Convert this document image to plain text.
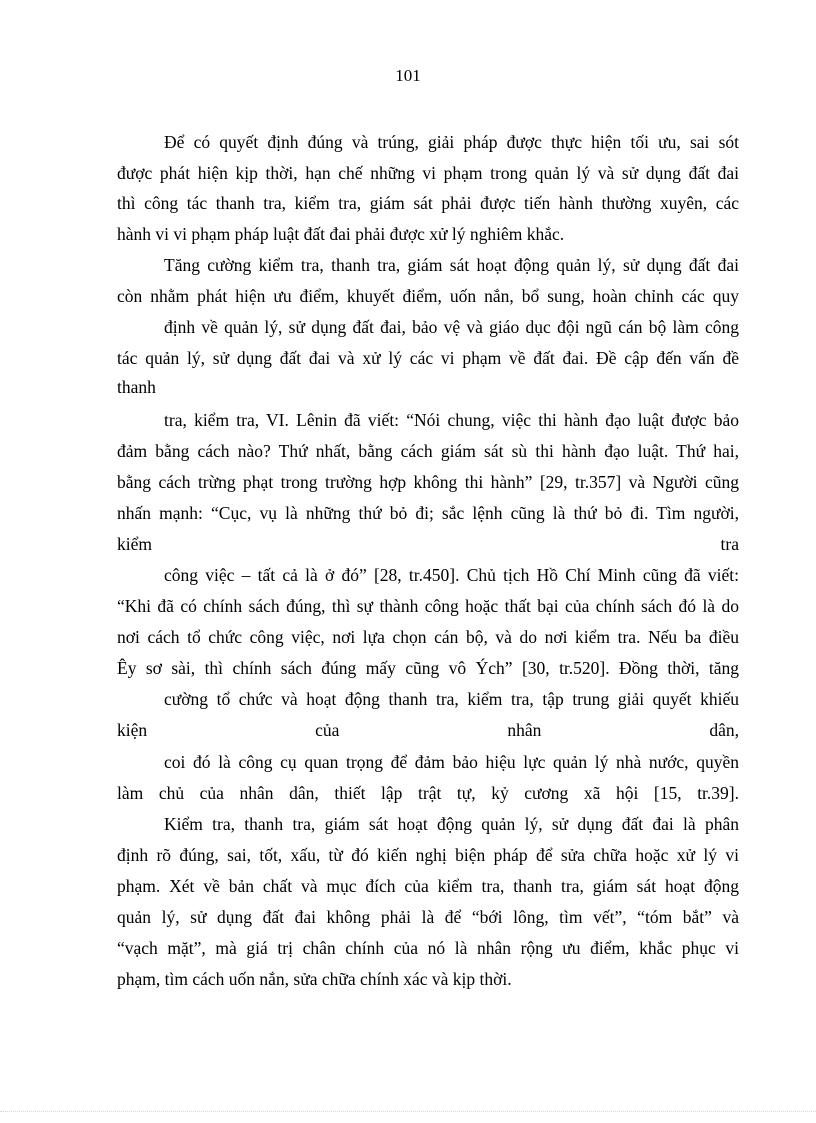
101
Để có quyết định đúng và trúng, giải pháp được thực hiện tối ưu, sai sót
được phát hiện kịp thời, hạn chế những vi phạm trong quản lý và sử dụng đất đai
thì công tác thanh tra, kiểm tra, giám sát phải được tiến hành thường xuyên, các
hành vi vi phạm pháp luật đất đai phải được xử lý nghiêm khắc.
Tăng cường kiểm tra, thanh tra, giám sát hoạt động quản lý, sử dụng đất đai
còn nhằm phát hiện ưu điểm, khuyết điểm, uốn nắn, bổ sung, hoàn chỉnh các quy
định về quản lý, sử dụng đất đai, bảo vệ và giáo dục đội ngũ cán bộ làm công
tác quản lý, sử dụng đất đai và xử lý các vi phạm về đất đai. Đề cập đến vấn đề
thanh
tra, kiểm tra, VI. Lênin đã viết: “Nói chung, việc thi hành đạo luật được bảo
đảm bằng cách nào? Thứ nhất, bằng cách giám sát sù thi hành đạo luật. Thứ hai,
bằng cách trừng phạt trong trường hợp không thi hành” [29, tr.357] và Người cũng
nhấn mạnh: “Cục, vụ là những thứ bỏ đi; sắc lệnh cũng là thứ bỏ đi. Tìm người,
kiểm tra
công việc – tất cả là ở đó” [28, tr.450]. Chủ tịch Hồ Chí Minh cũng đã viết:
“Khi đã có chính sách đúng, thì sự thành công hoặc thất bại của chính sách đó là do
nơi cách tổ chức công việc, nơi lựa chọn cán bộ, và do nơi kiểm tra. Nếu ba điều
Êy sơ sài, thì chính sách đúng mấy cũng vô Ých” [30, tr.520]. Đồng thời, tăng
cường tổ chức và hoạt động thanh tra, kiểm tra, tập trung giải quyết khiếu
kiện của nhân dân,
coi đó là công cụ quan trọng để đảm bảo hiệu lực quản lý nhà nước, quyền
làm chủ của nhân dân, thiết lập trật tự, kỷ cương xã hội [15, tr.39].
Kiểm tra, thanh tra, giám sát hoạt động quản lý, sử dụng đất đai là phân
định rõ đúng, sai, tốt, xấu, từ đó kiến nghị biện pháp để sửa chữa hoặc xử lý vi
phạm. Xét về bản chất và mục đích của kiểm tra, thanh tra, giám sát hoạt động
quản lý, sử dụng đất đai không phải là để “bới lông, tìm vết”, “tóm bắt” và
“vạch mặt”, mà giá trị chân chính của nó là nhân rộng ưu điểm, khắc phục vi
phạm, tìm cách uốn nắn, sửa chữa chính xác và kịp thời.
